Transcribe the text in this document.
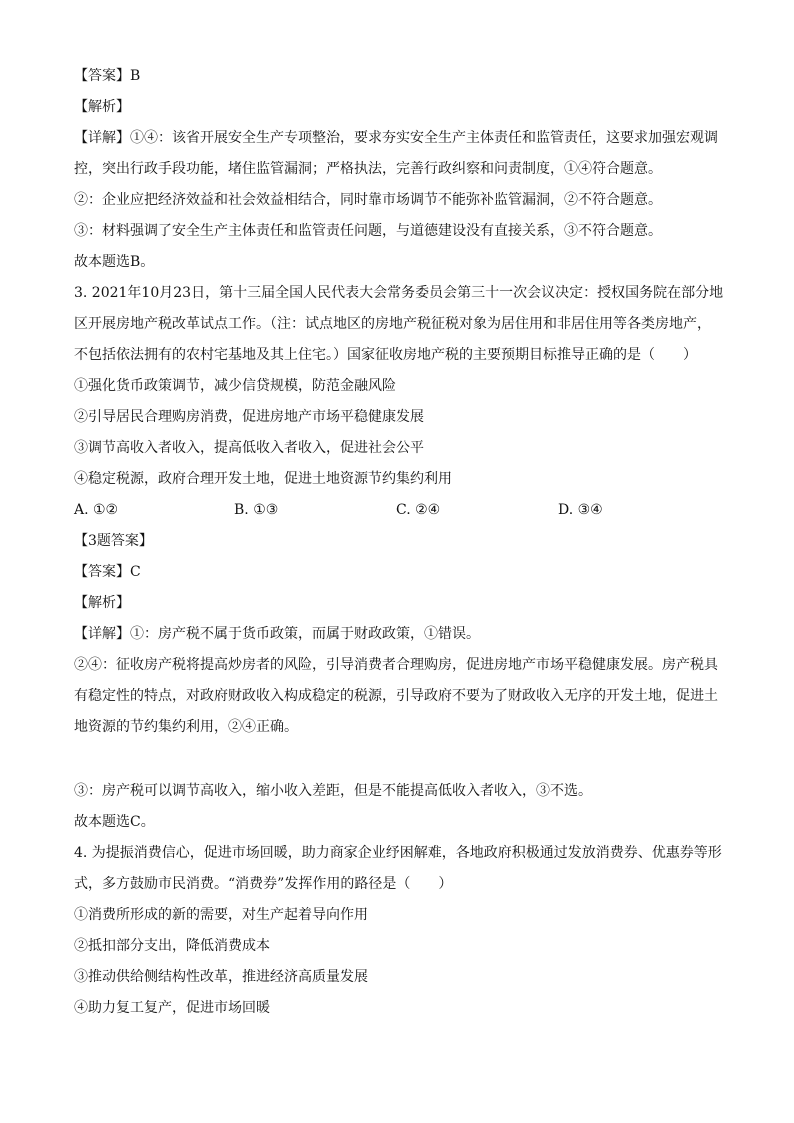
【答案】B
【解析】
【详解】①④：该省开展安全生产专项整治，要求夯实安全生产主体责任和监管责任，这要求加强宏观调
控，突出行政手段功能，堵住监管漏洞；严格执法，完善行政纠察和问责制度，①④符合题意。
②：企业应把经济效益和社会效益相结合，同时靠市场调节不能弥补监管漏洞，②不符合题意。
③：材料强调了安全生产主体责任和监管责任问题，与道德建设没有直接关系，③不符合题意。
故本题选B。
3. 2021年10月23日，第十三届全国人民代表大会常务委员会第三十一次会议决定：授权国务院在部分地
区开展房地产税改革试点工作。（注：试点地区的房地产税征税对象为居住用和非居住用等各类房地产，
不包括依法拥有的农村宅基地及其上住宅。）国家征收房地产税的主要预期目标推导正确的是（　　）
①强化货币政策调节，减少信贷规模，防范金融风险
②引导居民合理购房消费，促进房地产市场平稳健康发展
③调节高收入者收入，提高低收入者收入，促进社会公平
④稳定税源，政府合理开发土地，促进土地资源节约集约利用
A. ①②	B. ①③	C. ②④	D. ③④
【3题答案】
【答案】C
【解析】
【详解】①：房产税不属于货币政策，而属于财政政策，①错误。
②④：征收房产税将提高炒房者的风险，引导消费者合理购房，促进房地产市场平稳健康发展。房产税具
有稳定性的特点，对政府财政收入构成稳定的税源，引导政府不要为了财政收入无序的开发土地，促进土
地资源的节约集约利用，②④正确。
③：房产税可以调节高收入，缩小收入差距，但是不能提高低收入者收入，③不选。
故本题选C。
4. 为提振消费信心，促进市场回暖，助力商家企业纾困解难，各地政府积极通过发放消费券、优惠券等形
式，多方鼓励市民消费。“消费券”发挥作用的路径是（　　）
①消费所形成的新的需要，对生产起着导向作用
②抵扣部分支出，降低消费成本
③推动供给侧结构性改革，推进经济高质量发展
④助力复工复产，促进市场回暖
